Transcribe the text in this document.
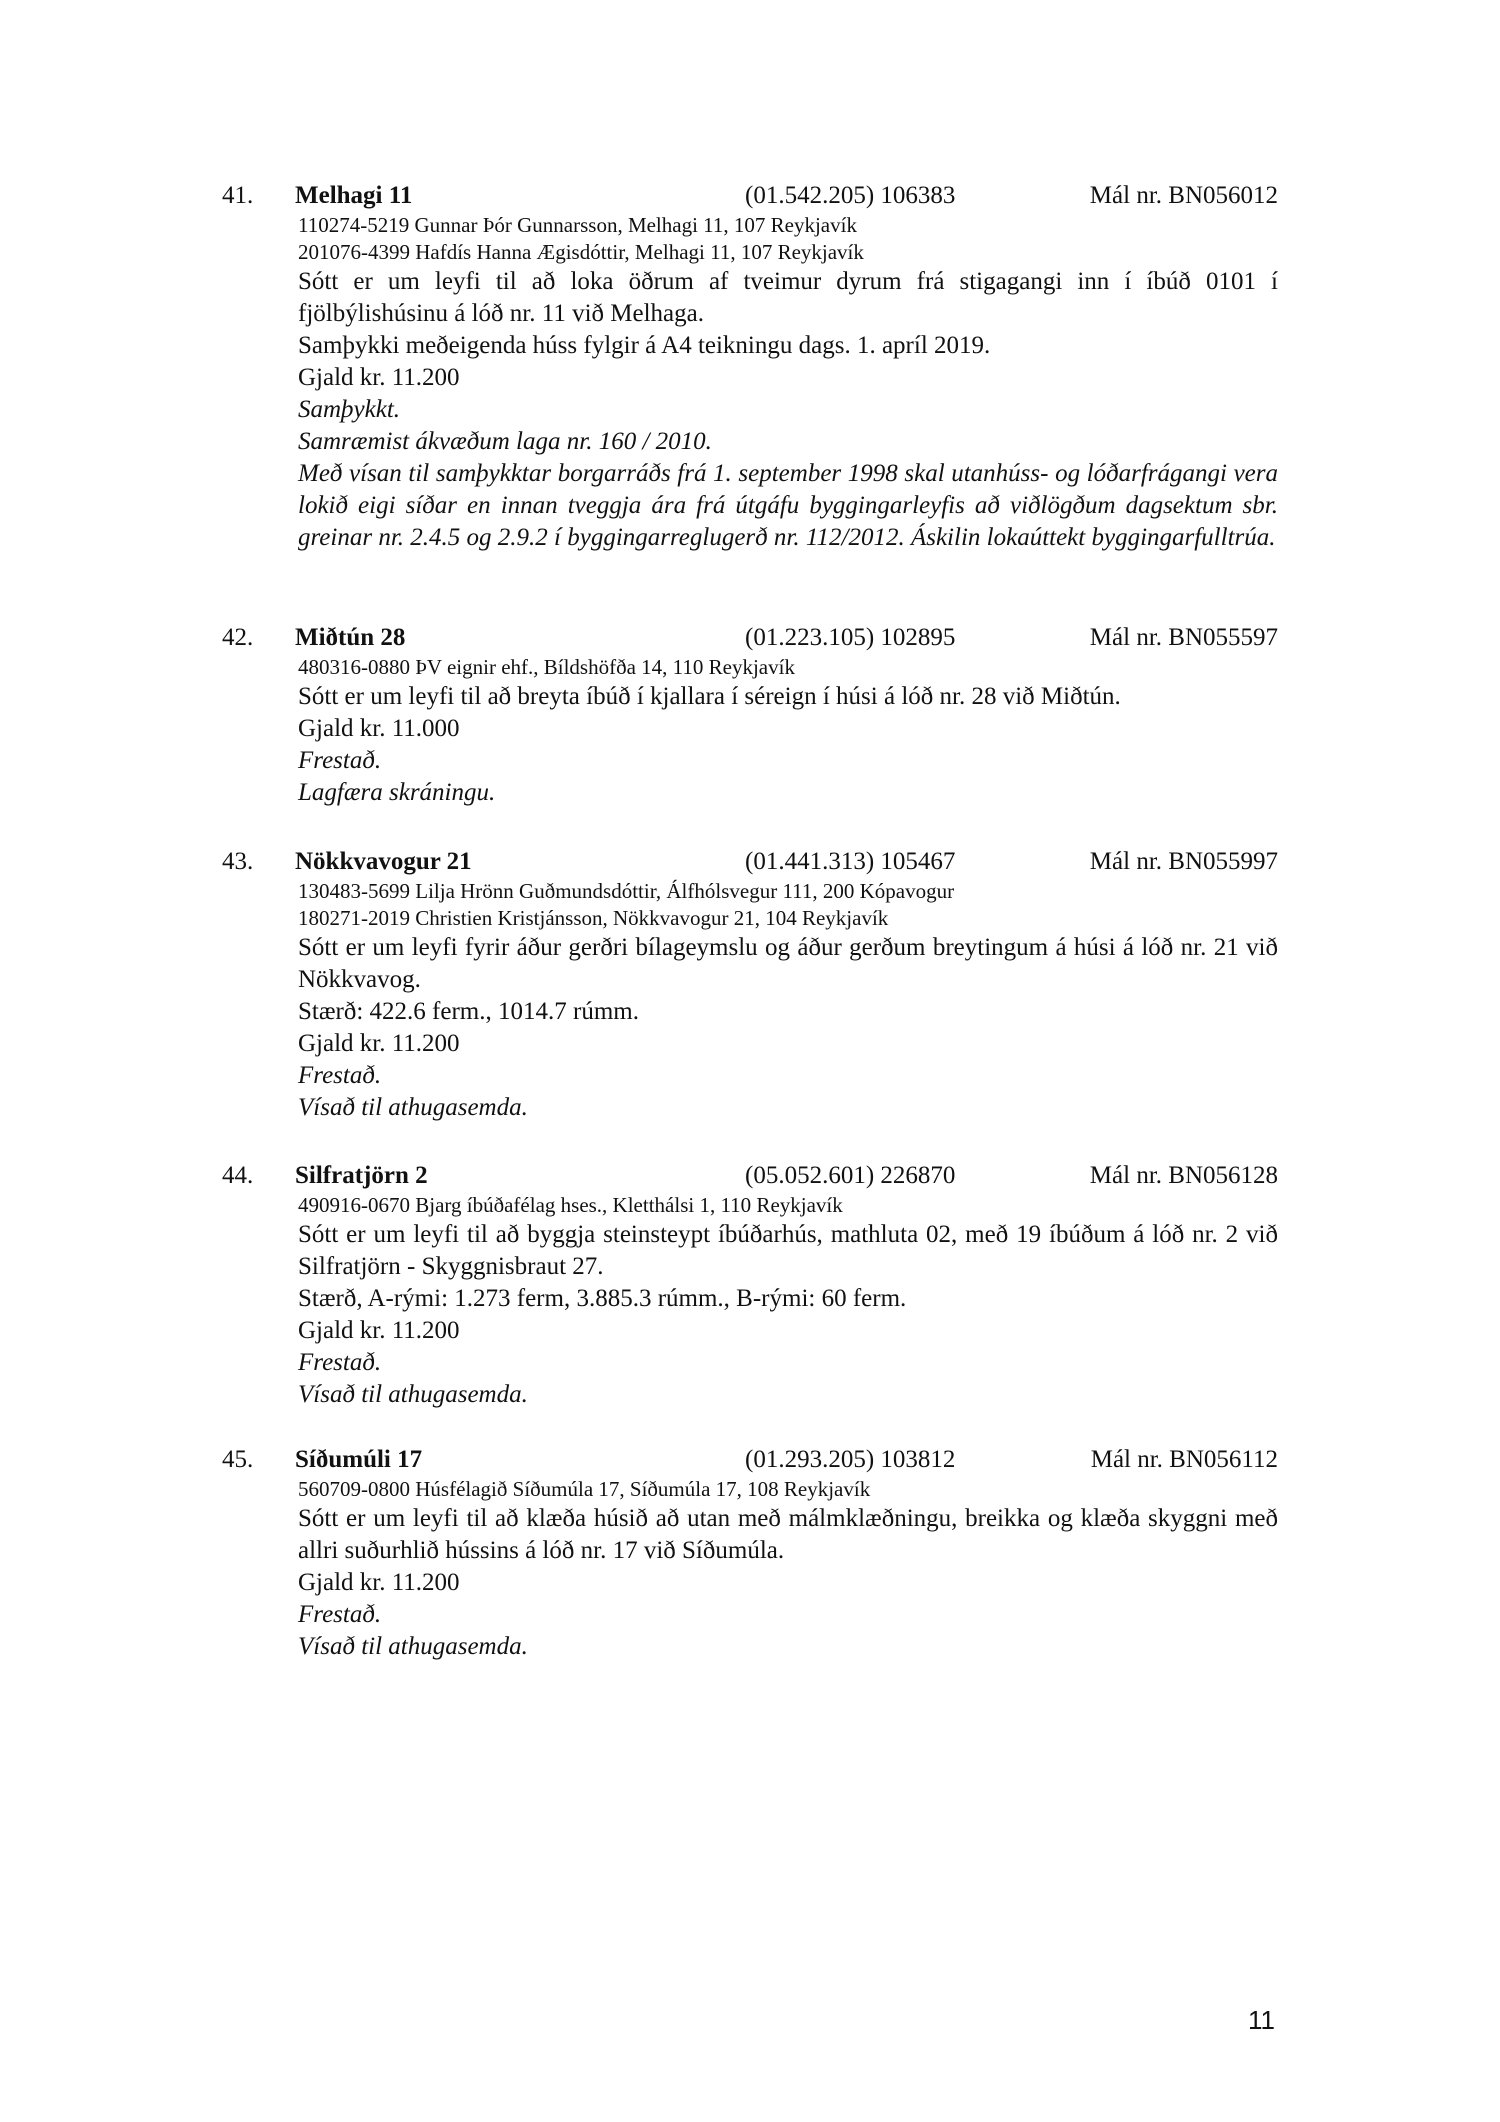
41. Melhagi 11	(01.542.205) 106383	Mál nr. BN056012
110274-5219 Gunnar Þór Gunnarsson, Melhagi 11, 107 Reykjavík
201076-4399 Hafdís Hanna Ægisdóttir, Melhagi 11, 107 Reykjavík
Sótt er um leyfi til að loka öðrum af tveimur dyrum frá stigagangi inn í íbúð 0101 í fjölbýlishúsinu á lóð nr. 11 við Melhaga.
Samþykki meðeigenda húss fylgir á A4 teikningu dags. 1. apríl 2019.
Gjald kr. 11.200
Samþykkt.
Samræmist ákvæðum laga nr. 160 / 2010.
Með vísan til samþykktar borgarráðs frá 1. september 1998 skal utanhúss- og lóðarfrágangi vera lokið eigi síðar en innan tveggja ára frá útgáfu byggingarleyfis að viðlögðum dagsektum sbr. greinar nr. 2.4.5 og 2.9.2 í byggingarreglugerð nr. 112/2012. Áskilin lokaúttekt byggingarfulltrúa.
42. Miðtún 28	(01.223.105) 102895	Mál nr. BN055597
480316-0880 ÞV eignir ehf., Bíldshöfða 14, 110 Reykjavík
Sótt er um leyfi til að breyta íbúð í kjallara í séreign í húsi á lóð nr. 28 við Miðtún.
Gjald kr. 11.000
Frestað.
Lagfæra skráningu.
43. Nökkvavogur 21	(01.441.313) 105467	Mál nr. BN055997
130483-5699 Lilja Hrönn Guðmundsdóttir, Álfhólsvegur 111, 200 Kópavogur
180271-2019 Christien Kristjánsson, Nökkvavogur 21, 104 Reykjavík
Sótt er um leyfi fyrir áður gerðri bílageymslu og áður gerðum breytingum á húsi á lóð nr. 21 við Nökkvavog.
Stærð: 422.6 ferm., 1014.7 rúmm.
Gjald kr. 11.200
Frestað.
Vísað til athugasemda.
44. Silfratjörn 2	(05.052.601) 226870	Mál nr. BN056128
490916-0670 Bjarg íbúðafélag hses., Kletthálsi 1, 110 Reykjavík
Sótt er um leyfi til að byggja steinsteypt íbúðarhús, mathluta 02, með 19 íbúðum á lóð nr. 2 við Silfratjörn - Skyggnisbraut 27.
Stærð, A-rými: 1.273 ferm, 3.885.3 rúmm., B-rými: 60 ferm.
Gjald kr. 11.200
Frestað.
Vísað til athugasemda.
45. Síðumúli 17	(01.293.205) 103812	Mál nr. BN056112
560709-0800 Húsfélagið Síðumúla 17, Síðumúla 17, 108 Reykjavík
Sótt er um leyfi til að klæða húsið að utan með málmklæðningu, breikka og klæða skyggni með allri suðurhlið hússins á lóð nr. 17 við Síðumúla.
Gjald kr. 11.200
Frestað.
Vísað til athugasemda.
11
